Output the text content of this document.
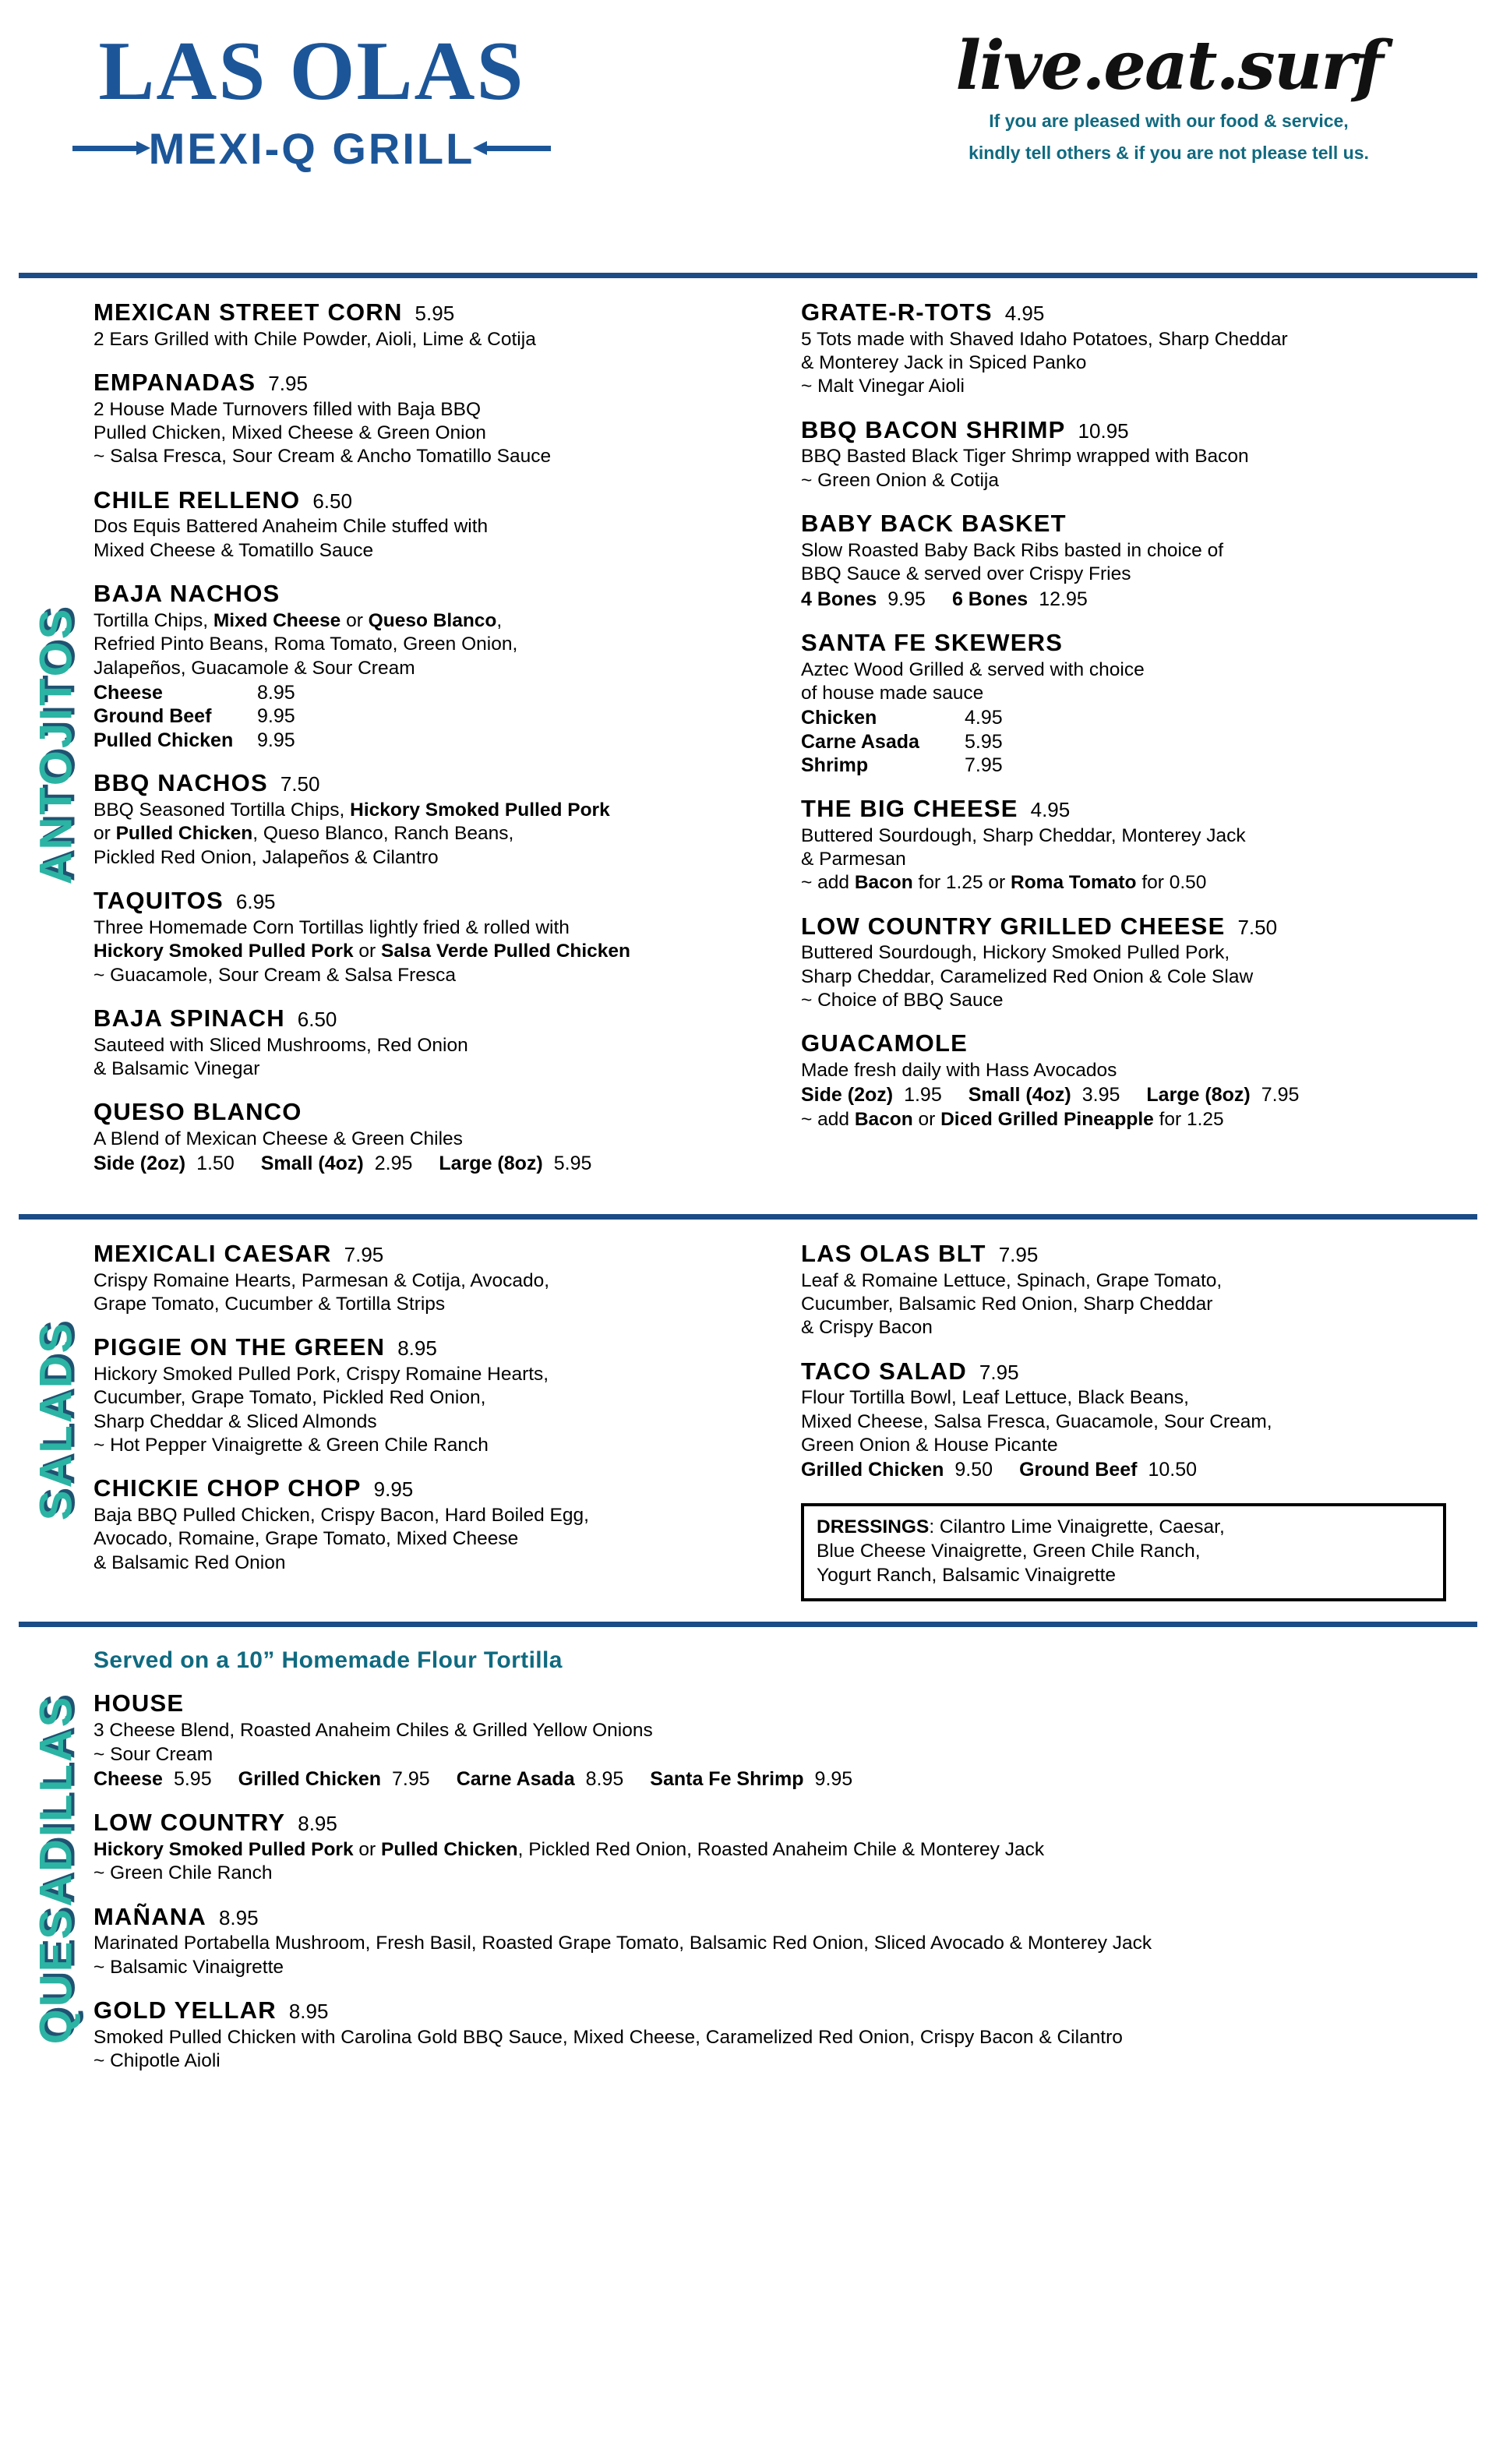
LAS OLAS
MEXI-Q GRILL
live.eat.surf
If you are pleased with our food & service,
kindly tell others & if you are not please tell us.
ANTOJITOS
MEXICAN STREET CORN 5.95
2 Ears Grilled with Chile Powder, Aioli, Lime & Cotija
EMPANADAS 7.95
2 House Made Turnovers filled with Baja BBQ
Pulled Chicken, Mixed Cheese & Green Onion
~ Salsa Fresca, Sour Cream & Ancho Tomatillo Sauce
CHILE RELLENO 6.50
Dos Equis Battered Anaheim Chile stuffed with
Mixed Cheese & Tomatillo Sauce
BAJA NACHOS
Tortilla Chips, Mixed Cheese or Queso Blanco,
Refried Pinto Beans, Roma Tomato, Green Onion,
Jalapeños, Guacamole & Sour Cream
Cheese	8.95
Ground Beef	9.95
Pulled Chicken	9.95
BBQ NACHOS 7.50
BBQ Seasoned Tortilla Chips, Hickory Smoked Pulled Pork
or Pulled Chicken, Queso Blanco, Ranch Beans,
Pickled Red Onion, Jalapeños & Cilantro
TAQUITOS 6.95
Three Homemade Corn Tortillas lightly fried & rolled with
Hickory Smoked Pulled Pork or Salsa Verde Pulled Chicken
~ Guacamole, Sour Cream & Salsa Fresca
BAJA SPINACH 6.50
Sauteed with Sliced Mushrooms, Red Onion
& Balsamic Vinegar
QUESO BLANCO
A Blend of Mexican Cheese & Green Chiles
Side (2oz) 1.50 Small (4oz) 2.95 Large (8oz) 5.95
GRATE-R-TOTS 4.95
5 Tots made with Shaved Idaho Potatoes, Sharp Cheddar
& Monterey Jack in Spiced Panko
~ Malt Vinegar Aioli
BBQ BACON SHRIMP 10.95
BBQ Basted Black Tiger Shrimp wrapped with Bacon
~ Green Onion & Cotija
BABY BACK BASKET
Slow Roasted Baby Back Ribs basted in choice of
BBQ Sauce & served over Crispy Fries
4 Bones 9.95 6 Bones 12.95
SANTA FE SKEWERS
Aztec Wood Grilled & served with choice
of house made sauce
Chicken	4.95
Carne Asada	5.95
Shrimp	7.95
THE BIG CHEESE 4.95
Buttered Sourdough, Sharp Cheddar, Monterey Jack
& Parmesan
~ add Bacon for 1.25 or Roma Tomato for 0.50
LOW COUNTRY GRILLED CHEESE 7.50
Buttered Sourdough, Hickory Smoked Pulled Pork,
Sharp Cheddar, Caramelized Red Onion & Cole Slaw
~ Choice of BBQ Sauce
GUACAMOLE
Made fresh daily with Hass Avocados
Side (2oz) 1.95 Small (4oz) 3.95 Large (8oz) 7.95
~ add Bacon or Diced Grilled Pineapple for 1.25
SALADS
MEXICALI CAESAR 7.95
Crispy Romaine Hearts, Parmesan & Cotija, Avocado,
Grape Tomato, Cucumber & Tortilla Strips
PIGGIE ON THE GREEN 8.95
Hickory Smoked Pulled Pork, Crispy Romaine Hearts,
Cucumber, Grape Tomato, Pickled Red Onion,
Sharp Cheddar & Sliced Almonds
~ Hot Pepper Vinaigrette & Green Chile Ranch
CHICKIE CHOP CHOP 9.95
Baja BBQ Pulled Chicken, Crispy Bacon, Hard Boiled Egg,
Avocado, Romaine, Grape Tomato, Mixed Cheese
& Balsamic Red Onion
LAS OLAS BLT 7.95
Leaf & Romaine Lettuce, Spinach, Grape Tomato,
Cucumber, Balsamic Red Onion, Sharp Cheddar
& Crispy Bacon
TACO SALAD 7.95
Flour Tortilla Bowl, Leaf Lettuce, Black Beans,
Mixed Cheese, Salsa Fresca, Guacamole, Sour Cream,
Green Onion & House Picante
Grilled Chicken 9.50 Ground Beef 10.50
DRESSINGS: Cilantro Lime Vinaigrette, Caesar,
Blue Cheese Vinaigrette, Green Chile Ranch,
Yogurt Ranch, Balsamic Vinaigrette
QUESADILLAS
Served on a 10” Homemade Flour Tortilla
HOUSE
3 Cheese Blend, Roasted Anaheim Chiles & Grilled Yellow Onions
~ Sour Cream
Cheese 5.95 Grilled Chicken 7.95 Carne Asada 8.95 Santa Fe Shrimp 9.95
LOW COUNTRY 8.95
Hickory Smoked Pulled Pork or Pulled Chicken, Pickled Red Onion, Roasted Anaheim Chile & Monterey Jack
~ Green Chile Ranch
MAÑANA 8.95
Marinated Portabella Mushroom, Fresh Basil, Roasted Grape Tomato, Balsamic Red Onion, Sliced Avocado & Monterey Jack
~ Balsamic Vinaigrette
GOLD YELLAR 8.95
Smoked Pulled Chicken with Carolina Gold BBQ Sauce, Mixed Cheese, Caramelized Red Onion, Crispy Bacon & Cilantro
~ Chipotle Aioli
